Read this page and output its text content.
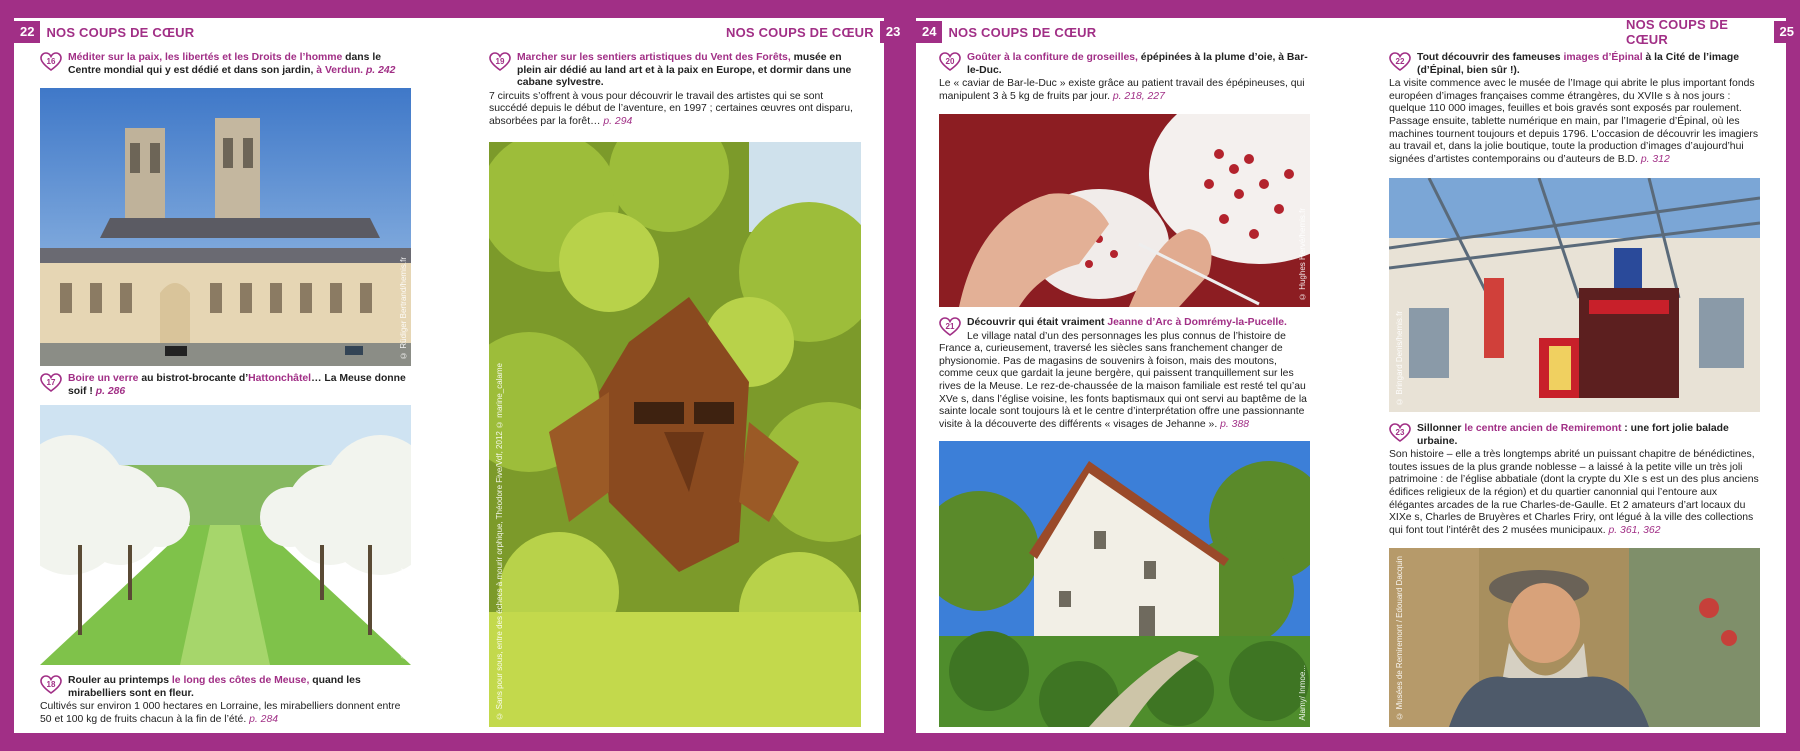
22 NOS COUPS DE CŒUR	NOS COUPS DE CŒUR 23	24 NOS COUPS DE CŒUR	NOS COUPS DE CŒUR
25
16	Méditer sur la paix, les libertés et les Droits de l’homme dans le Centre mondial qui y est dédié et dans son jardin, à Verdun. p. 242
© Rüdiger Bertrand/hemis.fr
17	Boire un verre au bistrot-brocante d’Hattonchâtel… La Meuse donne soif ! p. 286
© Barbier Bruno/hemis.fr
18	Rouler au printemps le long des côtes de Meuse, quand les mirabelliers sont en fleur.
Cultivés sur environ 1 000 hectares en Lorraine, les mirabelliers donnent entre 50 et 100 kg de fruits chacun à la fin de l’été. p. 284
19	Marcher sur les sentiers artistiques du Vent des Forêts, musée en plein air dédié au land art et à la paix en Europe, et dormir dans une cabane sylvestre.
7 circuits s’offrent à vous pour découvrir le travail des artistes qui se sont succédé depuis le début de l’aventure, en 1997 ; certaines œuvres ont disparu, absorbées par la forêt… p. 294
© Sans pour sous, entre des échecs à mourir orphique, Théodore Five/Vdf, 2012 © marine_calame
20	Goûter à la confiture de groseilles, épépinées à la plume d’oie, à Bar-le-Duc.
Le « caviar de Bar-le-Duc » existe grâce au patient travail des épépineuses, qui manipulent 3 à 5 kg de fruits par jour. p. 218, 227
© Hughes Hervé/hemis.fr
21	Découvrir qui était vraiment Jeanne d’Arc à Domrémy-la-Pucelle.
Le village natal d’un des personnages les plus connus de l’histoire de France a, curieusement, traversé les siècles sans franchement changer de physionomie. Pas de magasins de souvenirs à foison, mais des moutons, comme ceux que gardait la jeune bergère, qui paissent tranquillement sur les rives de la Meuse. Le rez-de-chaussée de la maison familiale est resté tel qu’au XVe s, dans l’église voisine, les fonts baptismaux qui ont servi au baptême de la sainte locale sont toujours là et le centre d’interprétation offre une passionnante visite à la découverte des différents « visages de Jehanne ». p. 388
Alamy/ Inmoe...
22	Tout découvrir des fameuses images d’Épinal à la Cité de l’image (d’Épinal, bien sûr !).
La visite commence avec le musée de l’Image qui abrite le plus important fonds européen d’images françaises comme étrangères, du XVIIe s à nos jours : quelque 110 000 images, feuilles et bois gravés sont exposés par roulement. Passage ensuite, tablette numérique en main, par l’Imagerie d’Épinal, où les machines tournent toujours et depuis 1796. L’occasion de découvrir les imagiers au travail et, dans la jolie boutique, toute la production d’images d’aujourd’hui signées d’artistes contemporains ou d’auteurs de B.D. p. 312
© Bringard Denis/hemis.fr
23	Sillonner le centre ancien de Remiremont : une fort jolie balade urbaine.
Son histoire – elle a très longtemps abrité un puissant chapitre de bénédictines, toutes issues de la plus grande noblesse – a laissé à la petite ville un très joli patrimoine : de l’église abbatiale (dont la crypte du XIe s est un des plus anciens édifices religieux de la région) et du quartier canonnial qui l’entoure aux élégantes arcades de la rue Charles-de-Gaulle. Et 2 amateurs d’art locaux du XIXe s, Charles de Bruyères et Charles Friry, ont légué à la ville des collections qui font tout l’intérêt des 2 musées municipaux. p. 361, 362
© Musées de Remiremont / Edouard Dacquin
